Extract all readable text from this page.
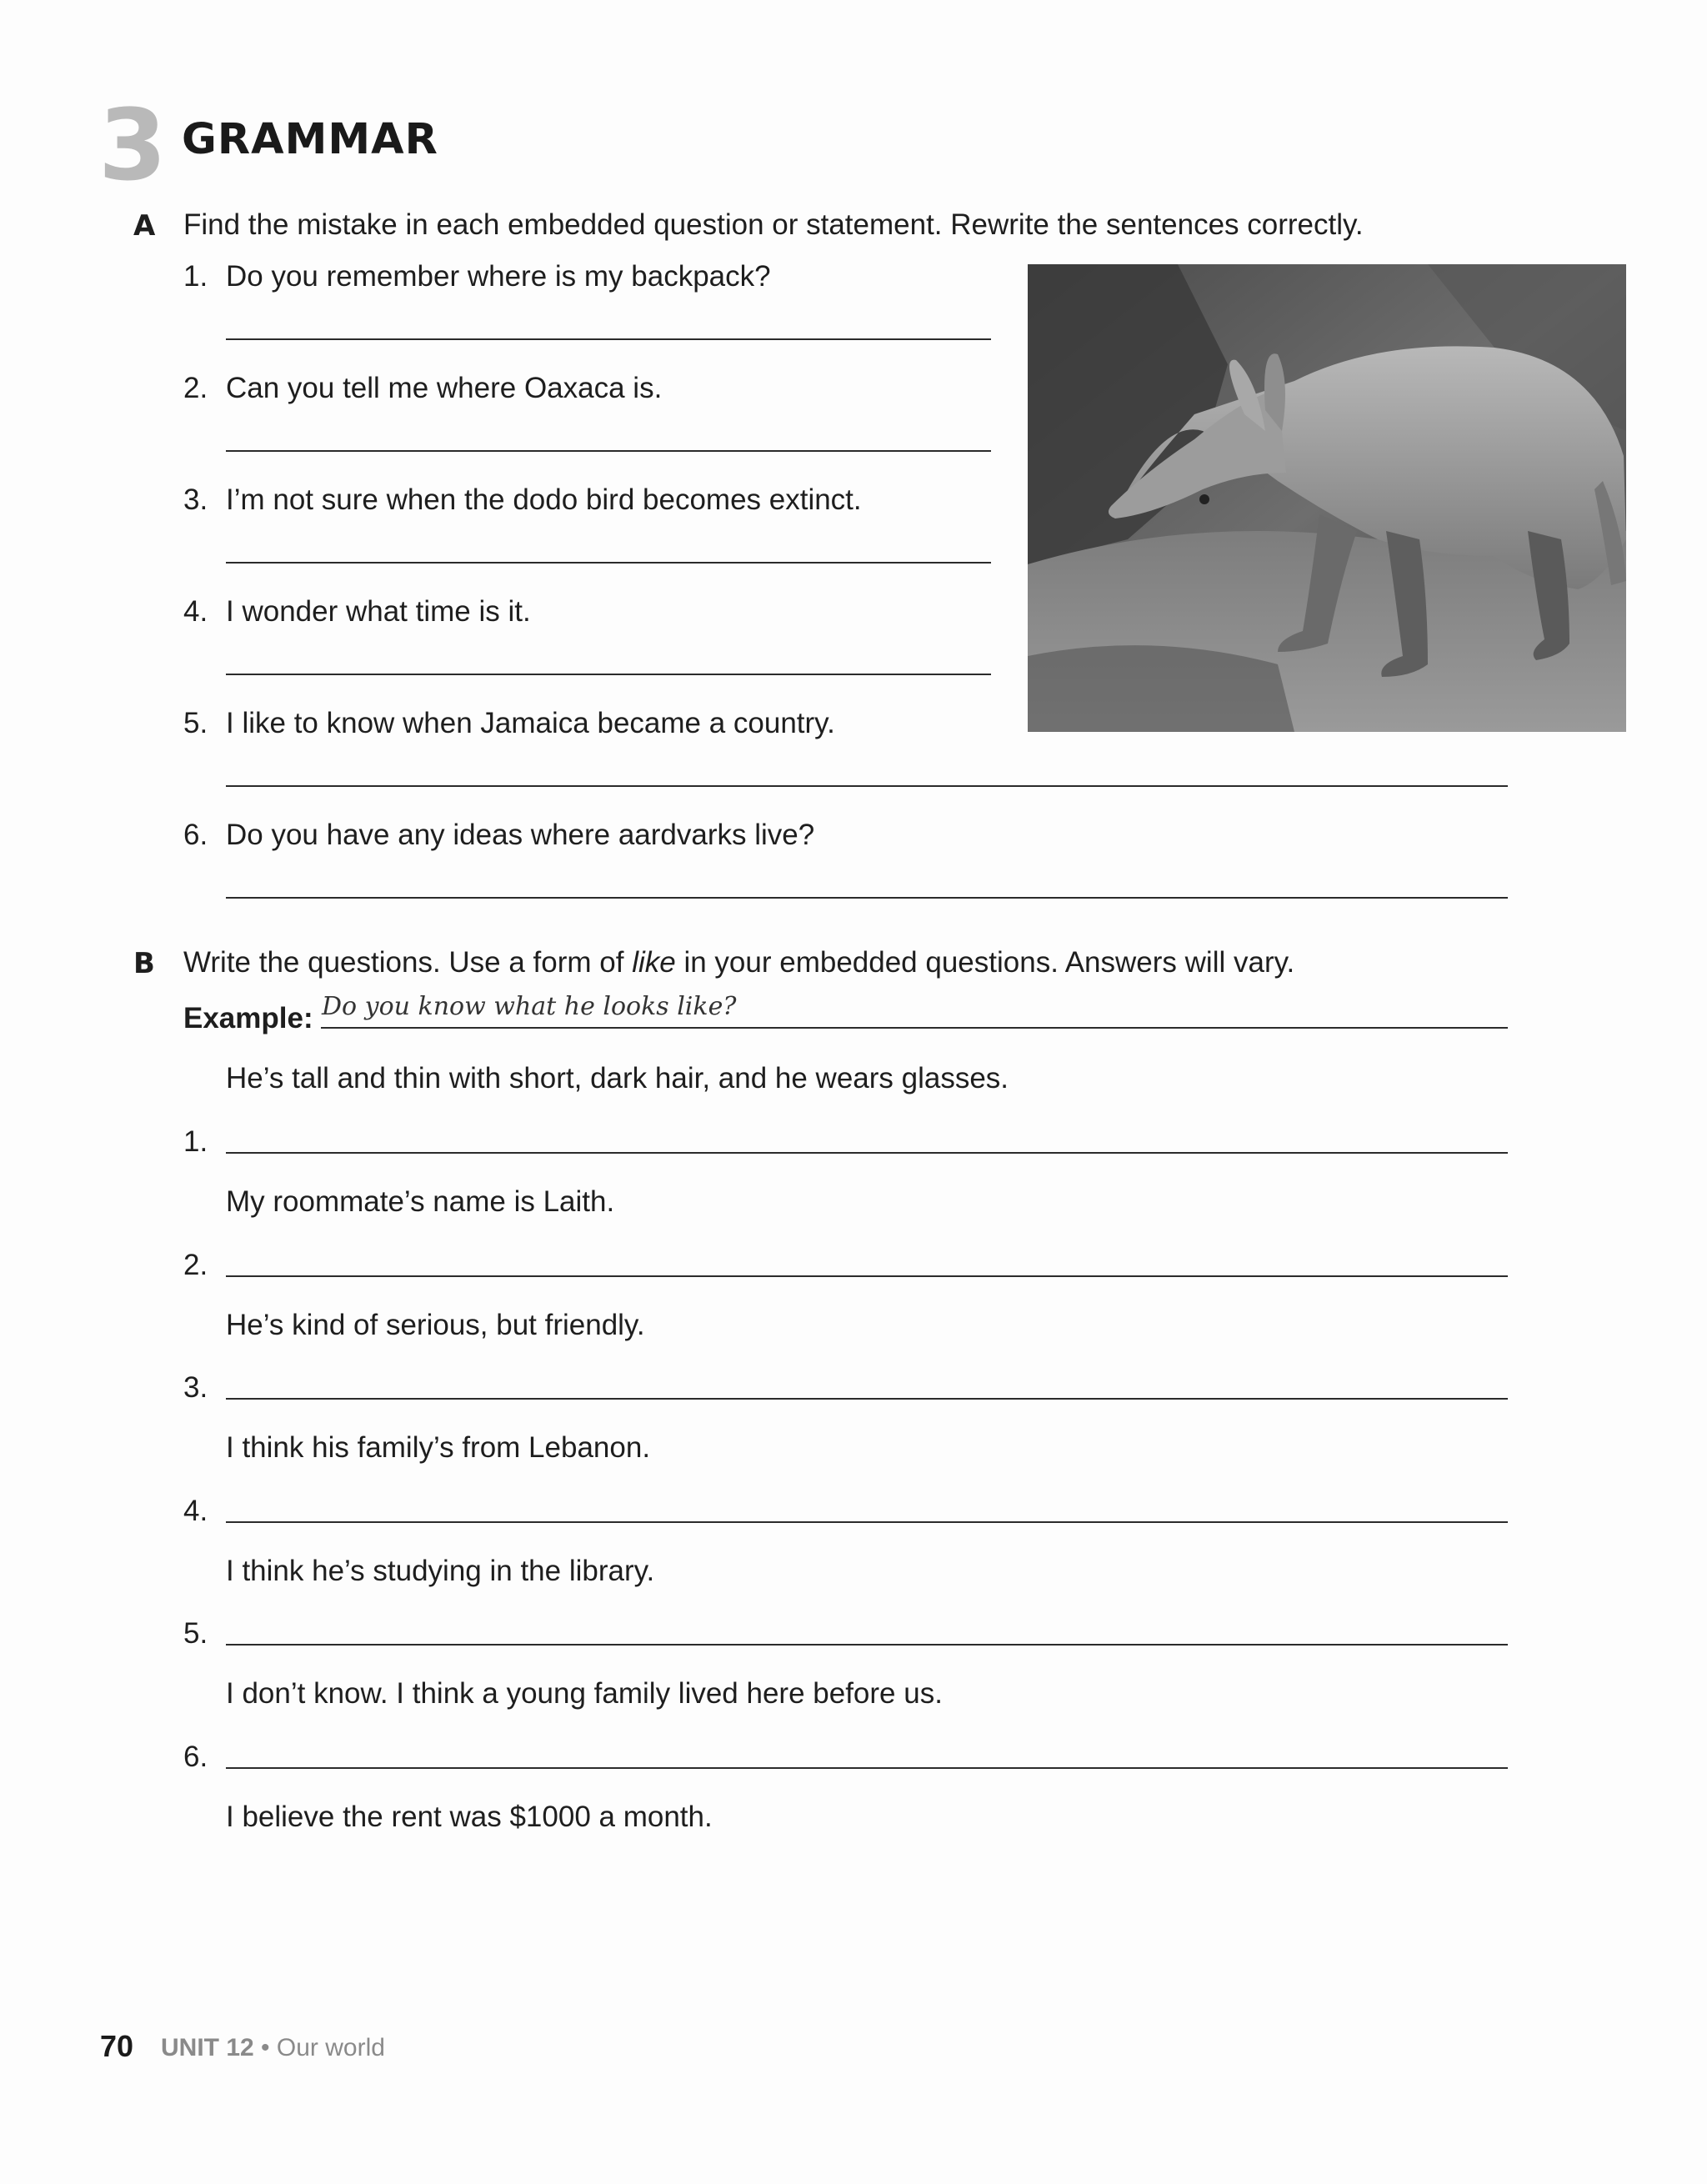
3 GRAMMAR
A Find the mistake in each embedded question or statement. Rewrite the sentences correctly.
1. Do you remember where is my backpack?
2. Can you tell me where Oaxaca is.
3. I’m not sure when the dodo bird becomes extinct.
4. I wonder what time is it.
5. I like to know when Jamaica became a country.
6. Do you have any ideas where aardvarks live?
B Write the questions. Use a form of like in your embedded questions. Answers will vary.
Example: Do you know what he looks like?
He’s tall and thin with short, dark hair, and he wears glasses.
1.
My roommate’s name is Laith.
2.
He’s kind of serious, but friendly.
3.
I think his family’s from Lebanon.
4.
I think he’s studying in the library.
5.
I don’t know. I think a young family lived here before us.
6.
I believe the rent was $1000 a month.
70 UNIT 12 • Our world
